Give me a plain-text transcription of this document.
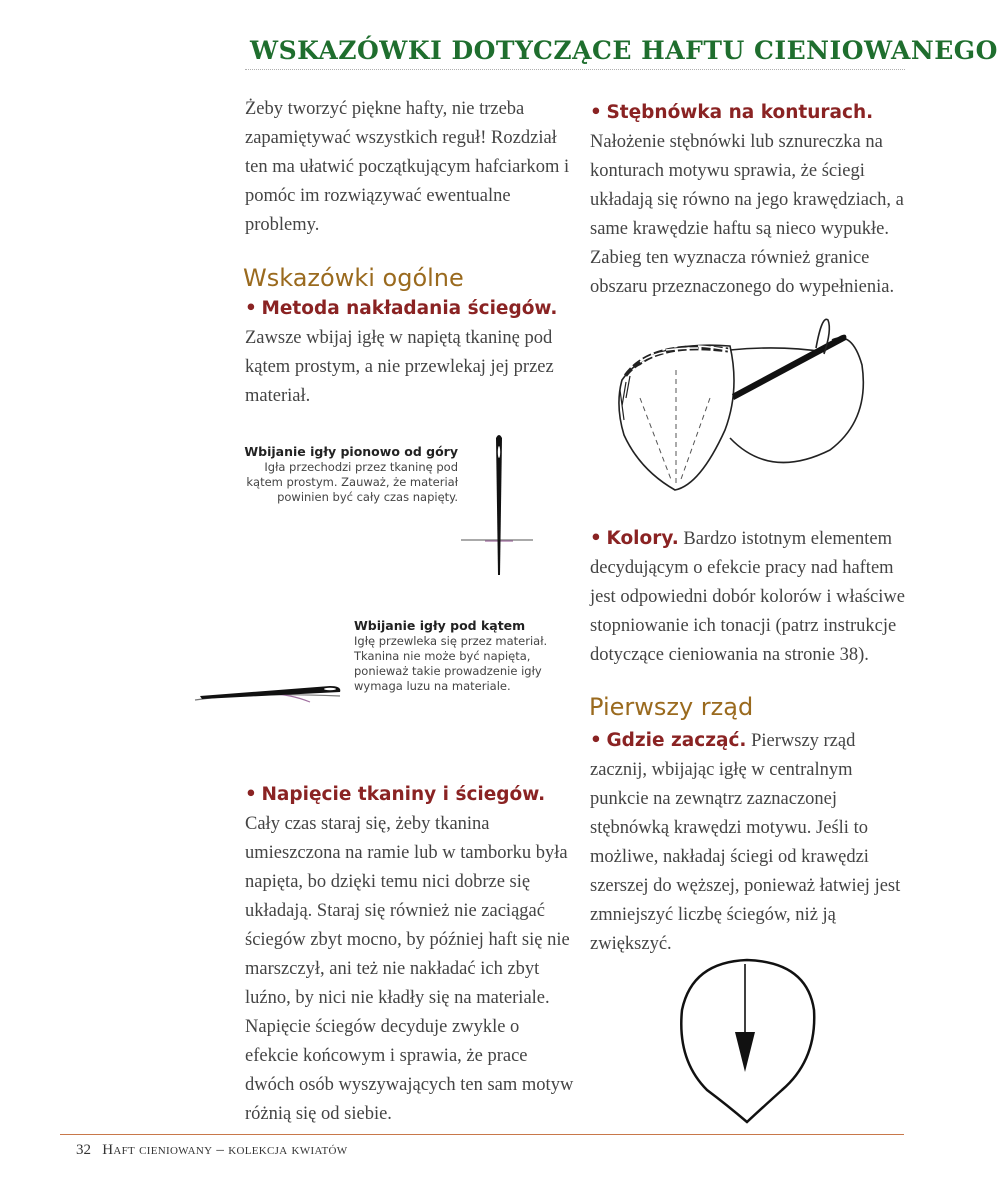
WSKAZÓWKI DOTYCZĄCE HAFTU CIENIOWANEGO
Żeby tworzyć piękne hafty, nie trzeba zapamiętywać wszystkich reguł! Rozdział ten ma ułatwić początkującym hafciarkom i pomóc im rozwiązywać ewentualne problemy.
Wskazówki ogólne
• Metoda nakładania ściegów. Zawsze wbijaj igłę w napiętą tkaninę pod kątem prostym, a nie przewlekaj jej przez materiał.
Wbijanie igły pionowo od góry
Igła przechodzi przez tkaninę pod kątem prostym. Zauważ, że materiał powinien być cały czas napięty.
Wbijanie igły pod kątem
Igłę przewleka się przez materiał. Tkanina nie może być napięta, ponieważ takie prowadzenie igły wymaga luzu na materiale.
• Napięcie tkaniny i ściegów. Cały czas staraj się, żeby tkanina umieszczona na ramie lub w tamborku była napięta, bo dzięki temu nici dobrze się układają. Staraj się również nie zaciągać ściegów zbyt mocno, by później haft się nie marszczył, ani też nie nakładać ich zbyt luźno, by nici nie kładły się na materiale. Napięcie ściegów decyduje zwykle o efekcie końcowym i sprawia, że prace dwóch osób wyszywających ten sam motyw różnią się od siebie.
• Stębnówka na konturach.
Nałożenie stębnówki lub sznureczka na konturach motywu sprawia, że ściegi układają się równo na jego krawędziach, a same krawędzie haftu są nieco wypukłe. Zabieg ten wyznacza również granice obszaru przeznaczonego do wypełnienia.
• Kolory. Bardzo istotnym elementem decydującym o efekcie pracy nad haftem jest odpowiedni dobór kolorów i właściwe stopniowanie ich tonacji (patrz instrukcje dotyczące cieniowania na stronie 38).
Pierwszy rząd
• Gdzie zacząć. Pierwszy rząd zacznij, wbijając igłę w centralnym punkcie na zewnątrz zaznaczonej stębnówką krawędzi motywu. Jeśli to możliwe, nakładaj ściegi od krawędzi szerszej do węższej, ponieważ łatwiej jest zmniejszyć liczbę ściegów, niż ją zwiększyć.
32 Haft cieniowany – kolekcja kwiatów
